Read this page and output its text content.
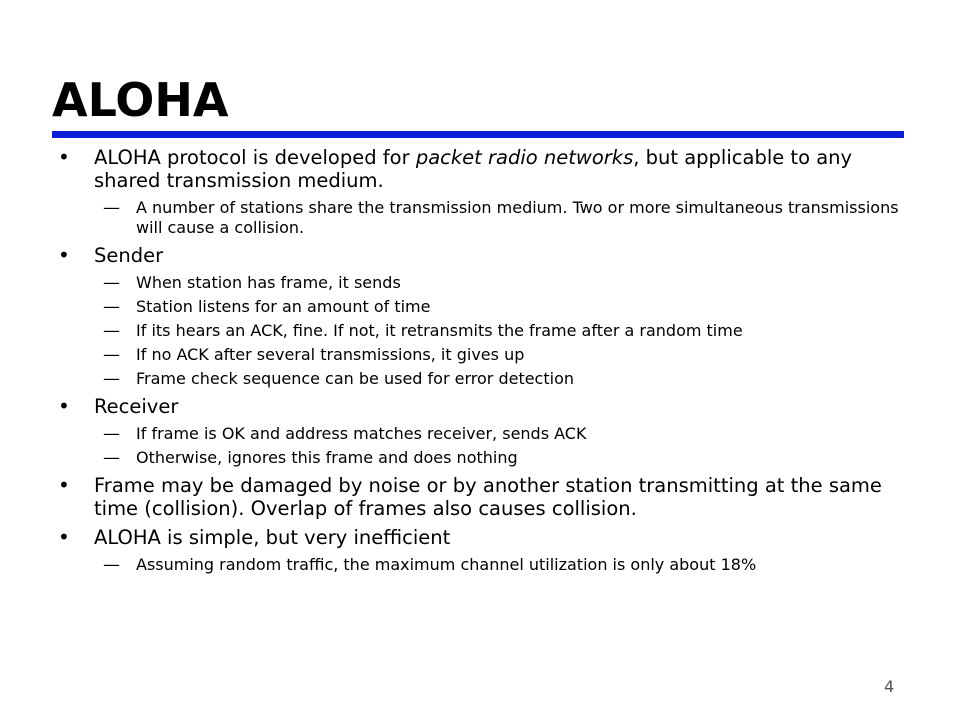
ALOHA
• ALOHA protocol is developed for packet radio networks, but applicable to any shared transmission medium.
— A number of stations share the transmission medium. Two or more simultaneous transmissions will cause a collision.
• Sender
— When station has frame, it sends
— Station listens for an amount of time
— If its hears an ACK, fine. If not, it retransmits the frame after a random time
— If no ACK after several transmissions, it gives up
— Frame check sequence can be used for error detection
• Receiver
— If frame is OK and address matches receiver, sends ACK
— Otherwise, ignores this frame and does nothing
• Frame may be damaged by noise or by another station transmitting at the same time (collision). Overlap of frames also causes collision.
• ALOHA is simple, but very inefficient
— Assuming random traffic, the maximum channel utilization is only about 18%
4
